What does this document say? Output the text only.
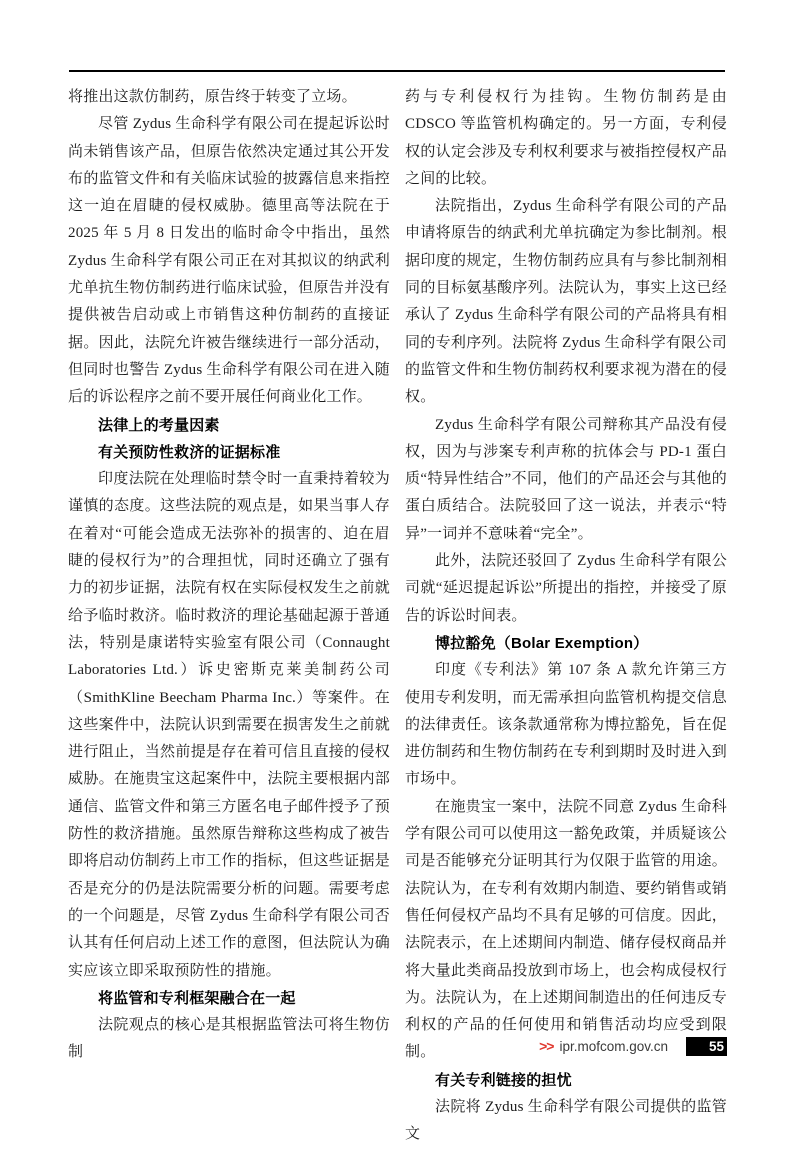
将推出这款仿制药，原告终于转变了立场。

尽管 Zydus 生命科学有限公司在提起诉讼时尚未销售该产品，但原告依然决定通过其公开发布的监管文件和有关临床试验的披露信息来指控这一迫在眉睫的侵权威胁。德里高等法院在于 2025 年 5 月 8 日发出的临时命令中指出，虽然 Zydus 生命科学有限公司正在对其拟议的纳武利尤单抗生物仿制药进行临床试验，但原告并没有提供被告启动或上市销售这种仿制药的直接证据。因此，法院允许被告继续进行一部分活动，但同时也警告 Zydus 生命科学有限公司在进入随后的诉讼程序之前不要开展任何商业化工作。

法律上的考量因素
有关预防性救济的证据标准

印度法院在处理临时禁令时一直秉持着较为谨慎的态度。这些法院的观点是，如果当事人存在着对“可能会造成无法弥补的损害的、迫在眉睫的侵权行为”的合理担忧，同时还确立了强有力的初步证据，法院有权在实际侵权发生之前就给予临时救济。临时救济的理论基础起源于普通法，特别是康诺特实验室有限公司（Connaught Laboratories Ltd.）诉史密斯克莱美制药公司（SmithKline Beecham Pharma Inc.）等案件。在这些案件中，法院认识到需要在损害发生之前就进行阻止，当然前提是存在着可信且直接的侵权威胁。在施贵宝这起案件中，法院主要根据内部通信、监管文件和第三方匿名电子邮件授予了预防性的救济措施。虽然原告辩称这些构成了被告即将启动仿制药上市工作的指标，但这些证据是否是充分的仍是法院需要分析的问题。需要考虑的一个问题是，尽管 Zydus 生命科学有限公司否认其有任何启动上述工作的意图，但法院认为确实应该立即采取预防性的措施。

将监管和专利框架融合在一起

法院观点的核心是其根据监管法可将生物仿制

药与专利侵权行为挂钩。生物仿制药是由 CDSCO 等监管机构确定的。另一方面，专利侵权的认定会涉及专利权利要求与被指控侵权产品之间的比较。

法院指出，Zydus 生命科学有限公司的产品申请将原告的纳武利尤单抗确定为参比制剂。根据印度的规定，生物仿制药应具有与参比制剂相同的目标氨基酸序列。法院认为，事实上这已经承认了 Zydus 生命科学有限公司的产品将具有相同的专利序列。法院将 Zydus 生命科学有限公司的监管文件和生物仿制药权利要求视为潜在的侵权。

Zydus 生命科学有限公司辩称其产品没有侵权，因为与涉案专利声称的抗体会与 PD-1 蛋白质“特异性结合”不同，他们的产品还会与其他的蛋白质结合。法院驳回了这一说法，并表示“特异”一词并不意味着“完全”。

此外，法院还驳回了 Zydus 生命科学有限公司就“延迟提起诉讼”所提出的指控，并接受了原告的诉讼时间表。

博拉豁免（Bolar Exemption）

印度《专利法》第 107 条 A 款允许第三方使用专利发明，而无需承担向监管机构提交信息的法律责任。该条款通常称为博拉豁免，旨在促进仿制药和生物仿制药在专利到期时及时进入到市场中。

在施贵宝一案中，法院不同意 Zydus 生命科学有限公司可以使用这一豁免政策，并质疑该公司是否能够充分证明其行为仅限于监管的用途。法院认为，在专利有效期内制造、要约销售或销售任何侵权产品均不具有足够的可信度。因此，法院表示，在上述期间内制造、储存侵权商品并将大量此类商品投放到市场上，也会构成侵权行为。法院认为，在上述期间制造出的任何违反专利权的产品的任何使用和销售活动均应受到限制。

有关专利链接的担忧

法院将 Zydus 生命科学有限公司提供的监管文

>> ipr.mofcom.gov.cn	55
